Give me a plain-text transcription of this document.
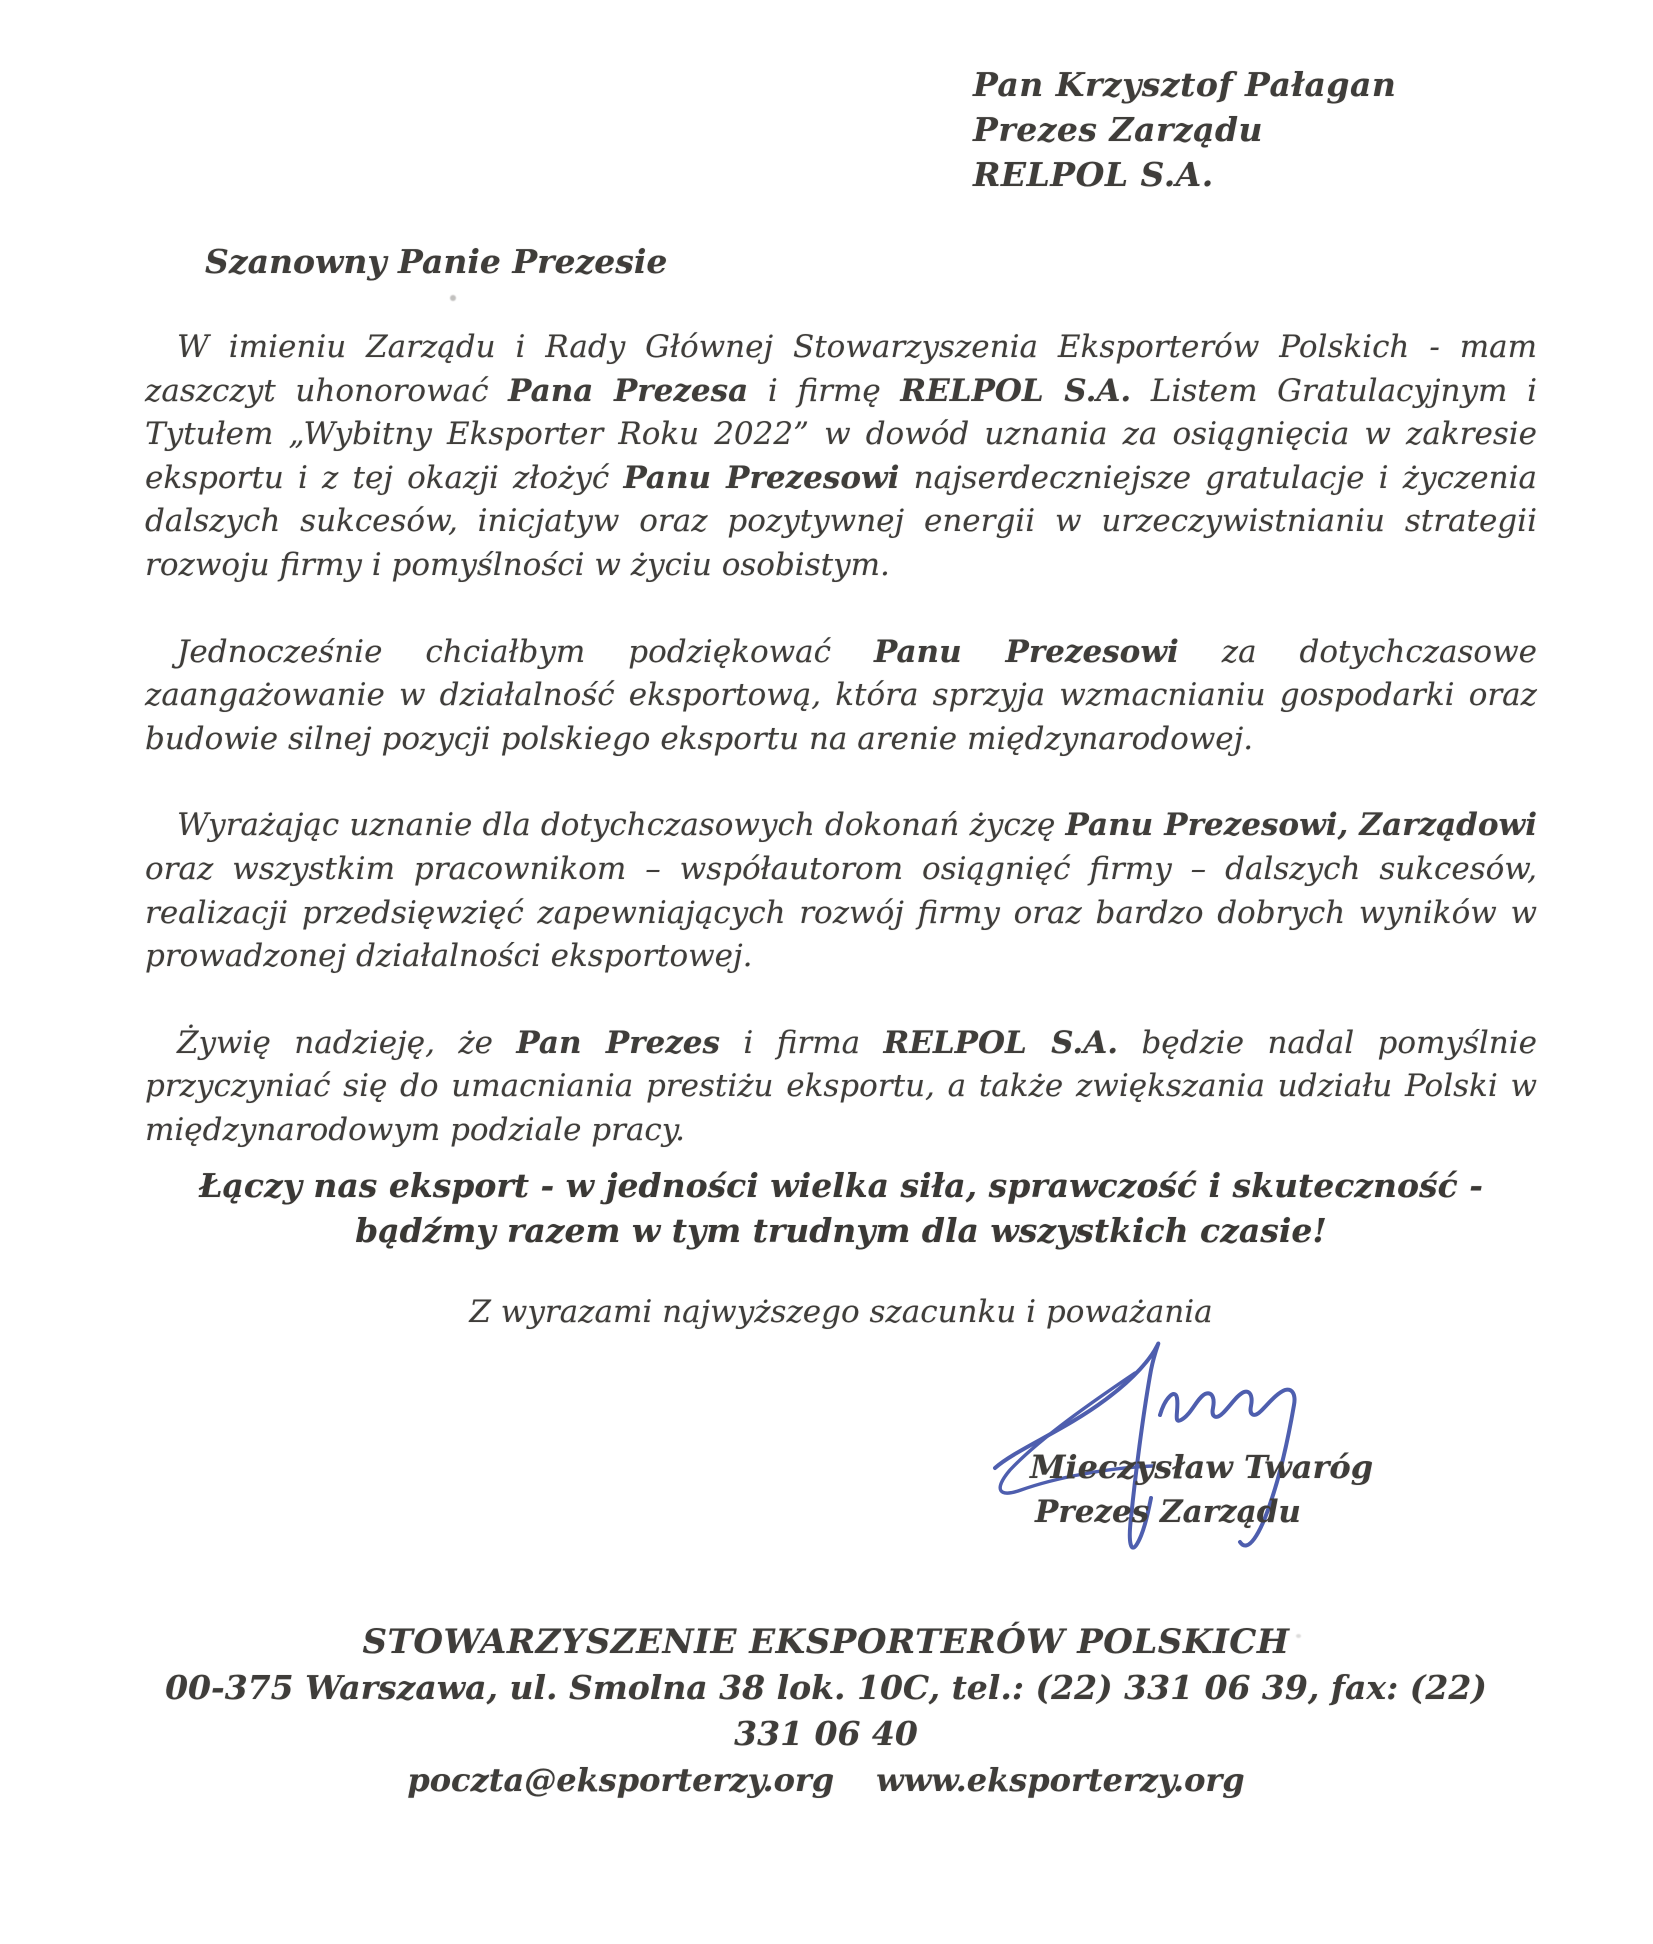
Pan Krzysztof Pałagan
Prezes Zarządu
RELPOL S.A.
Szanowny Panie Prezesie

W imieniu Zarządu i Rady Głównej Stowarzyszenia Eksporterów Polskich - mam zaszczyt uhonorować Pana Prezesa i firmę RELPOL S.A. Listem Gratulacyjnym i Tytułem „Wybitny Eksporter Roku 2022” w dowód uznania za osiągnięcia w zakresie eksportu i z tej okazji złożyć Panu Prezesowi najserdeczniejsze gratulacje i życzenia dalszych sukcesów, inicjatyw oraz pozytywnej energii w urzeczywistnianiu strategii rozwoju firmy i pomyślności w życiu osobistym.

Jednocześnie chciałbym podziękować Panu Prezesowi za dotychczasowe zaangażowanie w działalność eksportową, która sprzyja wzmacnianiu gospodarki oraz budowie silnej pozycji polskiego eksportu na arenie międzynarodowej.

Wyrażając uznanie dla dotychczasowych dokonań życzę Panu Prezesowi, Zarządowi oraz wszystkim pracownikom – współautorom osiągnięć firmy – dalszych sukcesów, realizacji przedsięwzięć zapewniających rozwój firmy oraz bardzo dobrych wyników w prowadzonej działalności eksportowej.

Żywię nadzieję, że Pan Prezes i firma RELPOL S.A. będzie nadal pomyślnie przyczyniać się do umacniania prestiżu eksportu, a także zwiększania udziału Polski w międzynarodowym podziale pracy.

Łączy nas eksport - w jedności wielka siła, sprawczość i skuteczność -
bądźmy razem w tym trudnym dla wszystkich czasie!
Z wyrazami najwyższego szacunku i poważania
Mieczysław Twaróg
Prezes Zarządu
STOWARZYSZENIE EKSPORTERÓW POLSKICH
00-375 Warszawa, ul. Smolna 38 lok. 10C, tel.: (22) 331 06 39, fax: (22) 331 06 40
poczta@eksporterzy.org www.eksporterzy.org
